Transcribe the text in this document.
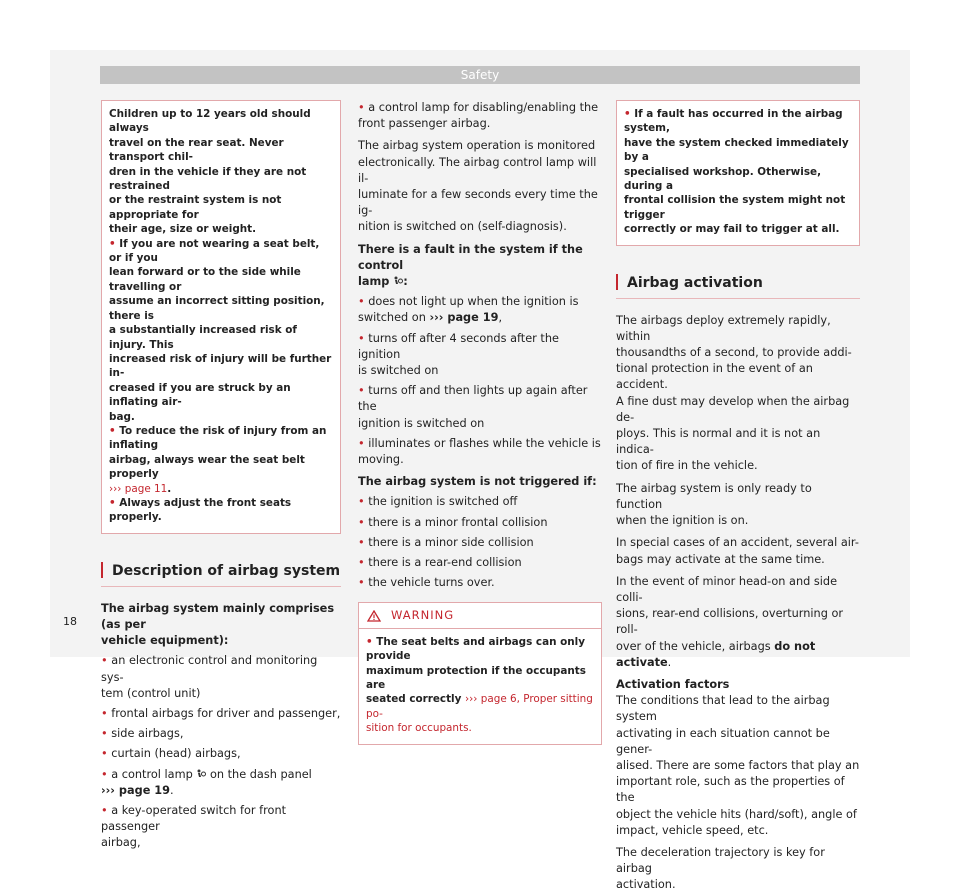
Safety
Children up to 12 years old should always
travel on the rear seat. Never transport chil-
dren in the vehicle if they are not restrained
or the restraint system is not appropriate for
their age, size or weight.
• If you are not wearing a seat belt, or if you
lean forward or to the side while travelling or
assume an incorrect sitting position, there is
a substantially increased risk of injury. This
increased risk of injury will be further in-
creased if you are struck by an inflating air-
bag.
• To reduce the risk of injury from an inflating
airbag, always wear the seat belt properly
››› page 11.
• Always adjust the front seats properly.
Description of airbag system
The airbag system mainly comprises (as per
vehicle equipment):
• an electronic control and monitoring sys-
tem (control unit)
• frontal airbags for driver and passenger,
• side airbags,
• curtain (head) airbags,
• a control lamp on the dash panel
››› page 19.
• a key-operated switch for front passenger
airbag,
18
• a control lamp for disabling/enabling the
front passenger airbag.
The airbag system operation is monitored
electronically. The airbag control lamp will il-
luminate for a few seconds every time the ig-
nition is switched on (self-diagnosis).
There is a fault in the system if the control
lamp :
• does not light up when the ignition is
switched on ››› page 19,
• turns off after 4 seconds after the ignition
is switched on
• turns off and then lights up again after the
ignition is switched on
• illuminates or flashes while the vehicle is
moving.
The airbag system is not triggered if:
• the ignition is switched off
• there is a minor frontal collision
• there is a minor side collision
• there is a rear-end collision
• the vehicle turns over.
WARNING
• The seat belts and airbags can only provide
maximum protection if the occupants are
seated correctly ››› page 6, Proper sitting po-
sition for occupants.
• If a fault has occurred in the airbag system,
have the system checked immediately by a
specialised workshop. Otherwise, during a
frontal collision the system might not trigger
correctly or may fail to trigger at all.
Airbag activation
The airbags deploy extremely rapidly, within
thousandths of a second, to provide addi-
tional protection in the event of an accident.
A fine dust may develop when the airbag de-
ploys. This is normal and it is not an indica-
tion of fire in the vehicle.
The airbag system is only ready to function
when the ignition is on.
In special cases of an accident, several air-
bags may activate at the same time.
In the event of minor head-on and side colli-
sions, rear-end collisions, overturning or roll-
over of the vehicle, airbags do not activate.
Activation factors
The conditions that lead to the airbag system
activating in each situation cannot be gener-
alised. There are some factors that play an
important role, such as the properties of the
object the vehicle hits (hard/soft), angle of
impact, vehicle speed, etc.
The deceleration trajectory is key for airbag
activation.
